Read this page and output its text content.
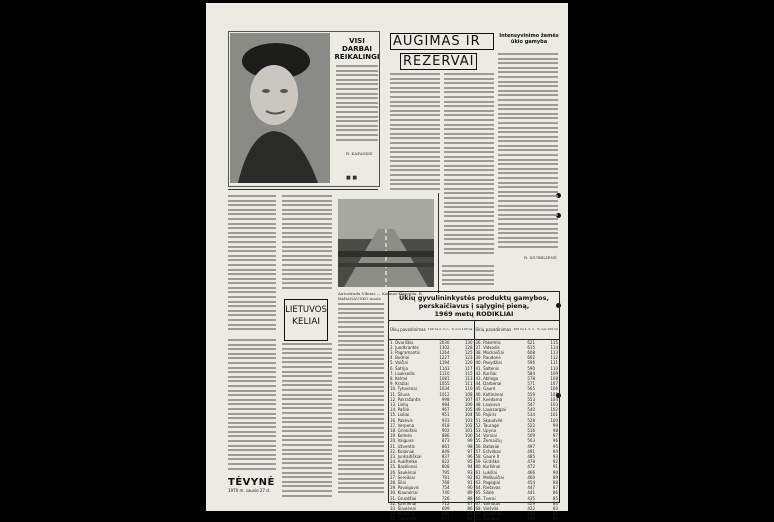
VISI
DARBAI
REIKALINGI
R. KAPASKIS
■ ■
AUGIMAS IR
REZERVAI
Intensyvinimo žemės ūkio gamyba
R. SIURBLIENĖ
Autostrada Vilnius — Kaunas-Klaipėda. R. BARANAUSKO nuotr.
LIETUVOS
KELIAI
TĖVYNĖ
1970 m. sausio 27 d.
Ūkių gyvulininkystės produktų gamybos,
perskaičiavus į sąlyginį pieną,
1969 metų RODIKLIAI
Ūkių pavadinimas	100 ha ž. ū. n.	% nuo 100 ha
1. Dvariškis	2030	130
2. Juodkrantės	1302	128
3. Pagramantis	1264	125
4. Budriai	1227	123
5. Vaičiai	1194	120
6. Šatrija	1143	117
7. Lauksodis	1110	115
8. Kelmė	1081	113
9. Kražiai	1055	111
10. Tytuvėnai	1034	110
11. Šiluva	1012	108
12. Pakražantis	998	107
13. Liolių	984	106
14. Pašilė	967	105
15. Lioliai	951	104
16. Pakėvis	933	103
17. Verpena	918	102
18. Grinkiškis	902	101
19. Kelmės	886	100
20. Vaiguva	873	99
21. Užventis	861	98
22. Kolainiai	849	97
23. Junkaitiškiai	837	96
24. Aukštelkė	822	95
25. Bazilionai	808	94
26. Šaukėnai	795	93
27. Sereikiai	781	92
28. Šilai	768	91
29. Pavaiguvis	754	90
30. Kiaunoriai	740	89
31. Gruzdžiai	726	88
32. Karklėnai	712	87
33. Šiaulėnai	699	86
34. Kelmė II	685	85
35. Tytuvėnų	671	84
Ūkių pavadinimas	100 ha ž. ū. n.	% nuo 100 ha
36. Pakelmis	621	115
37. Vidsodis	615	114
38. Mockaičiai	608	113
39. Raudonė	602	112
40. Pavydžiai	596	111
41. Šaltenis	590	110
42. Kuršiai	584	109
43. Ablinga	578	108
44. Darbėnai	571	107
45. Gaurė	565	106
46. Kaltinėnai	559	105
47. Kvėdarna	553	104
48. Laukuva	547	103
49. Lauksargiai	540	102
50. Pajūris	534	101
51. Skaudvilė	528	100
52. Tauragė	522	99
53. Upyna	516	98
54. Varniai	509	97
55. Žemaičių	503	96
56. Batakiai	497	95
57. Eržvilkas	491	94
58. Gaurė II	485	93
59. Girdiškė	478	92
60. Kuršėnai	472	91
61. Lukšiai	466	90
62. Meškuičiai	460	89
63. Pagėgiai	454	88
64. Rietavas	447	87
65. Šilalė	441	86
66. Tverai	435	85
67. Vainutas	429	84
68. Viešvilė	422	83
69. Žygaičiai	416	82
70. Žvingiai	410	81
